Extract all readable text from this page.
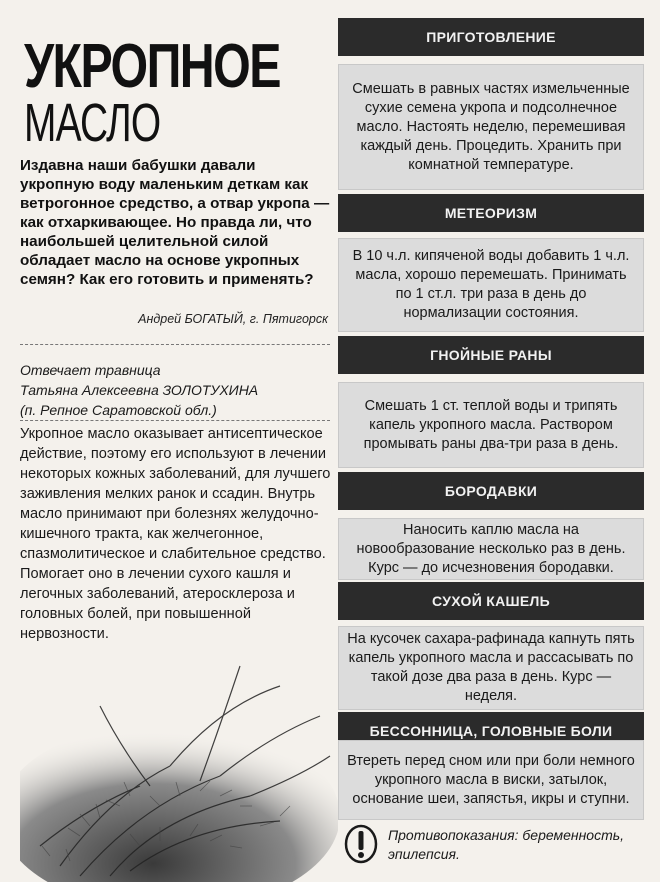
УКРОПНОЕ
МАСЛО

Издавна наши бабушки давали укропную воду маленьким деткам как ветрогонное средство, а отвар укропа — как отхаркивающее. Но правда ли, что наибольшей целительной силой обладает масло на основе укропных семян? Как его готовить и применять?

Андрей БОГАТЫЙ, г. Пятигорск

Отвечает травница
Татьяна Алексеевна ЗОЛОТУХИНА
(п. Репное Саратовской обл.)

Укропное масло оказывает антисептическое действие, поэтому его используют в лечении некоторых кожных заболеваний, для лучшего заживления мелких ранок и ссадин. Внутрь масло принимают при болезнях желудочно-кишечного тракта, как желчегонное, спазмолитическое и слабительное средство. Помогает оно в лечении сухого кашля и легочных заболеваний, атеросклероза и головных болей, при повышенной нервозности.

ПРИГОТОВЛЕНИЕ

Смешать в равных частях измельченные сухие семена укропа и подсолнечное масло. Настоять неделю, перемешивая каждый день. Процедить. Хранить при комнатной температуре.

МЕТЕОРИЗМ

В 10 ч.л. кипяченой воды добавить 1 ч.л. масла, хорошо перемешать. Принимать по 1 ст.л. три раза в день до нормализации состояния.

ГНОЙНЫЕ РАНЫ

Смешать 1 ст. теплой воды и трипять капель укропного масла. Раствором промывать раны два-три раза в день.

БОРОДАВКИ

Наносить каплю масла на новообразование несколько раз в день. Курс — до исчезновения бородавки.

СУХОЙ КАШЕЛЬ

На кусочек сахара-рафинада капнуть пять капель укропного масла и рассасывать по такой дозе два раза в день. Курс — неделя.

БЕССОННИЦА, ГОЛОВНЫЕ БОЛИ

Втереть перед сном или при боли немного укропного масла в виски, затылок, основание шеи, запястья, икры и ступни.

Противопоказания: беременность, эпилепсия.
